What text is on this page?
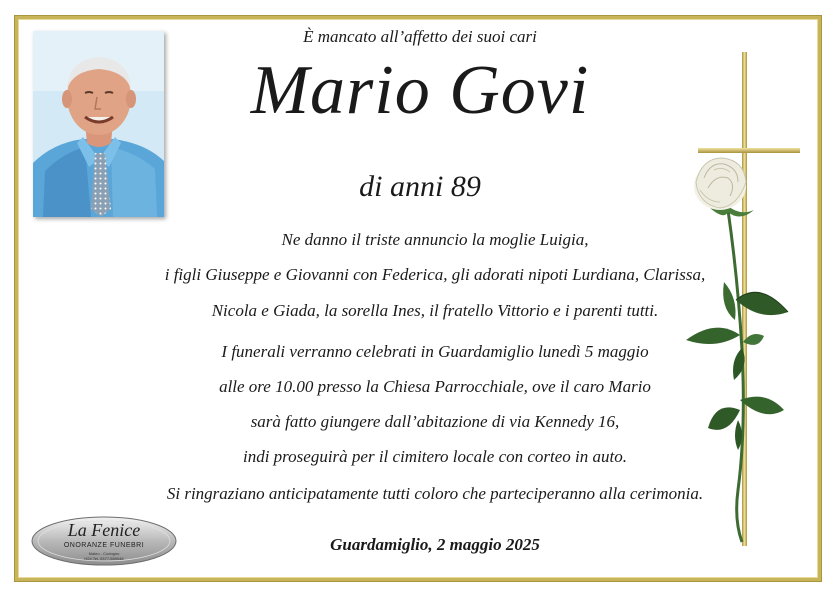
È mancato all’affetto dei suoi cari
Mario Govi
di anni 89
Ne danno il triste annuncio la moglie Luigia,
i figli Giuseppe e Giovanni con Federica, gli adorati nipoti Lurdiana, Clarissa,
Nicola e Giada, la sorella Ines, il fratello Vittorio e i parenti tutti.
I funerali verranno celebrati in Guardamiglio lunedì 5 maggio
alle ore 10.00 presso la Chiesa Parrocchiale, ove il caro Mario
sarà fatto giungere dall’abitazione di via Kennedy 16,
indi proseguirà per il cimitero locale con corteo in auto.
Si ringraziano anticipatamente tutti coloro che parteciperanno alla cerimonia.
Guardamiglio, 2 maggio 2025
La Fenice
ONORANZE FUNEBRI
Maleo - Codogno
H24 Tel. 0377-589046
